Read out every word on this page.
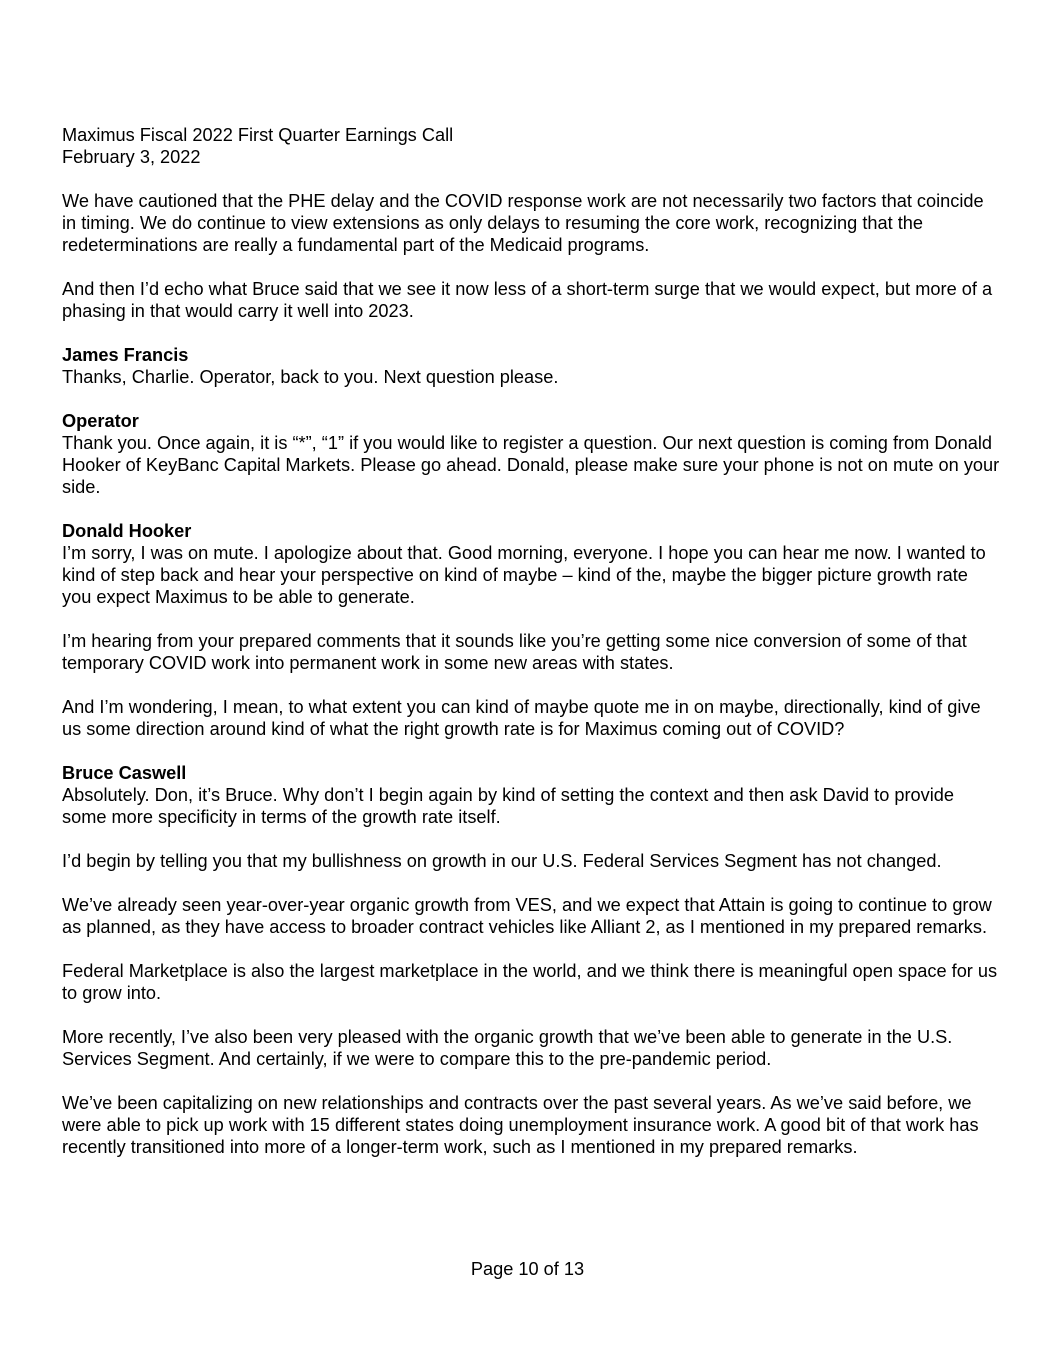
Maximus Fiscal 2022 First Quarter Earnings Call

February 3, 2022

We have cautioned that the PHE delay and the COVID response work are not necessarily two factors that coincide in timing. We do continue to view extensions as only delays to resuming the core work, recognizing that the redeterminations are really a fundamental part of the Medicaid programs.

And then I’d echo what Bruce said that we see it now less of a short-term surge that we would expect, but more of a phasing in that would carry it well into 2023.

James Francis

Thanks, Charlie. Operator, back to you. Next question please.

Operator

Thank you. Once again, it is “*”, “1” if you would like to register a question. Our next question is coming from Donald Hooker of KeyBanc Capital Markets. Please go ahead. Donald, please make sure your phone is not on mute on your side.

Donald Hooker

I’m sorry, I was on mute. I apologize about that. Good morning, everyone. I hope you can hear me now. I wanted to kind of step back and hear your perspective on kind of maybe – kind of the, maybe the bigger picture growth rate you expect Maximus to be able to generate.

I’m hearing from your prepared comments that it sounds like you’re getting some nice conversion of some of that temporary COVID work into permanent work in some new areas with states.

And I’m wondering, I mean, to what extent you can kind of maybe quote me in on maybe, directionally, kind of give us some direction around kind of what the right growth rate is for Maximus coming out of COVID?

Bruce Caswell

Absolutely. Don, it’s Bruce. Why don’t I begin again by kind of setting the context and then ask David to provide some more specificity in terms of the growth rate itself.

I’d begin by telling you that my bullishness on growth in our U.S. Federal Services Segment has not changed.

We’ve already seen year-over-year organic growth from VES, and we expect that Attain is going to continue to grow as planned, as they have access to broader contract vehicles like Alliant 2, as I mentioned in my prepared remarks.

Federal Marketplace is also the largest marketplace in the world, and we think there is meaningful open space for us to grow into.

More recently, I’ve also been very pleased with the organic growth that we’ve been able to generate in the U.S. Services Segment. And certainly, if we were to compare this to the pre-pandemic period.

We’ve been capitalizing on new relationships and contracts over the past several years. As we’ve said before, we were able to pick up work with 15 different states doing unemployment insurance work. A good bit of that work has recently transitioned into more of a longer-term work, such as I mentioned in my prepared remarks.

Page 10 of 13
